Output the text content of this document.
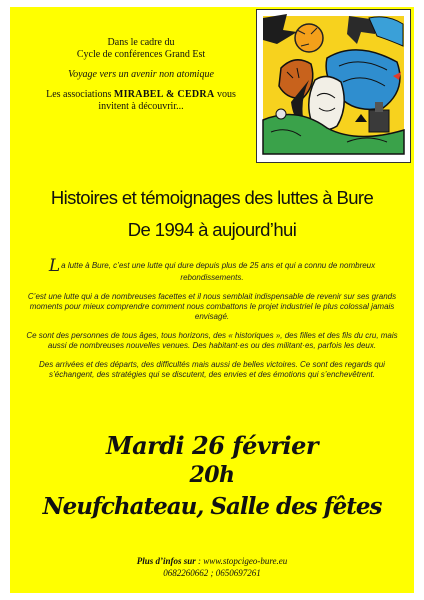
Dans le cadre du
Cycle de conférences Grand Est

Voyage vers un avenir non atomique

Les associations MIRABEL & CEDRA vous
invitent à découvrir...

Histoires et témoignages des luttes à Bure
De 1994 à aujourd’hui

La lutte à Bure, c’est une lutte qui dure depuis plus de 25 ans et qui a connu de nombreux rebondissements.

C’est une lutte qui a de nombreuses facettes et il nous semblait indispensable de revenir sur ses grands moments pour mieux comprendre comment nous combattons le projet industriel le plus colossal jamais envisagé.

Ce sont des personnes de tous âges, tous horizons, des « historiques », des filles et des fils du cru, mais aussi de nombreuses nouvelles venues. Des habitant·es ou des militant·es, parfois les deux.

Des arrivées et des départs, des difficultés mais aussi de belles victoires. Ce sont des regards qui s’échangent, des stratégies qui se discutent, des envies et des émotions qui s’enchevêtrent.

Mardi 26 février
20h
Neufchateau, Salle des fêtes
Plus d’infos sur : www.stopcigeo-bure.eu
0682260662 ; 0650697261
